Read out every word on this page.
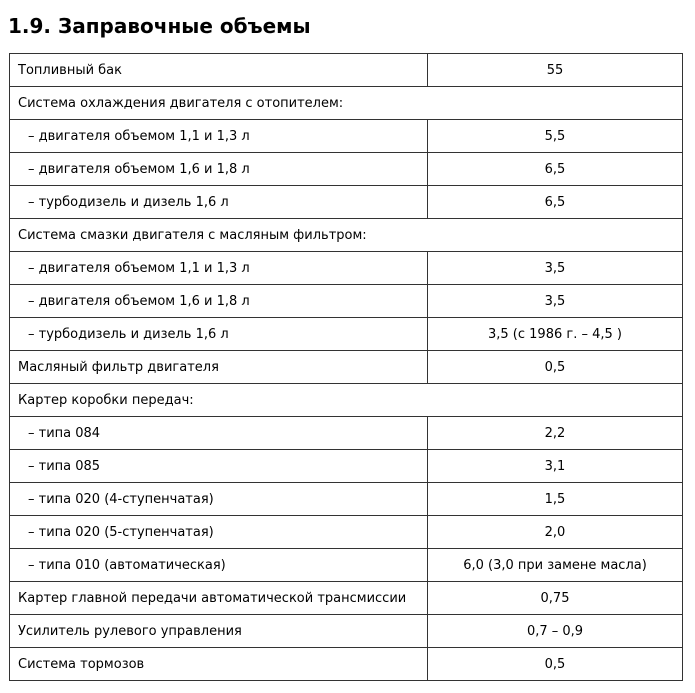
1.9. Заправочные объемы
Топливный бак	55
Система охлаждения двигателя с отопителем:	
– двигателя объемом 1,1 и 1,3 л	5,5
– двигателя объемом 1,6 и 1,8 л	6,5
– турбодизель и дизель 1,6 л	6,5
Система смазки двигателя с масляным фильтром:	
– двигателя объемом 1,1 и 1,3 л	3,5
– двигателя объемом 1,6 и 1,8 л	3,5
– турбодизель и дизель 1,6 л	3,5 (с 1986 г. – 4,5 )
Масляный фильтр двигателя	0,5
Картер коробки передач:	
– типа 084	2,2
– типа 085	3,1
– типа 020 (4-ступенчатая)	1,5
– типа 020 (5-ступенчатая)	2,0
– типа 010 (автоматическая)	6,0 (3,0 при замене масла)
Картер главной передачи автоматической трансмиссии	0,75
Усилитель рулевого управления	0,7 – 0,9
Система тормозов	0,5
